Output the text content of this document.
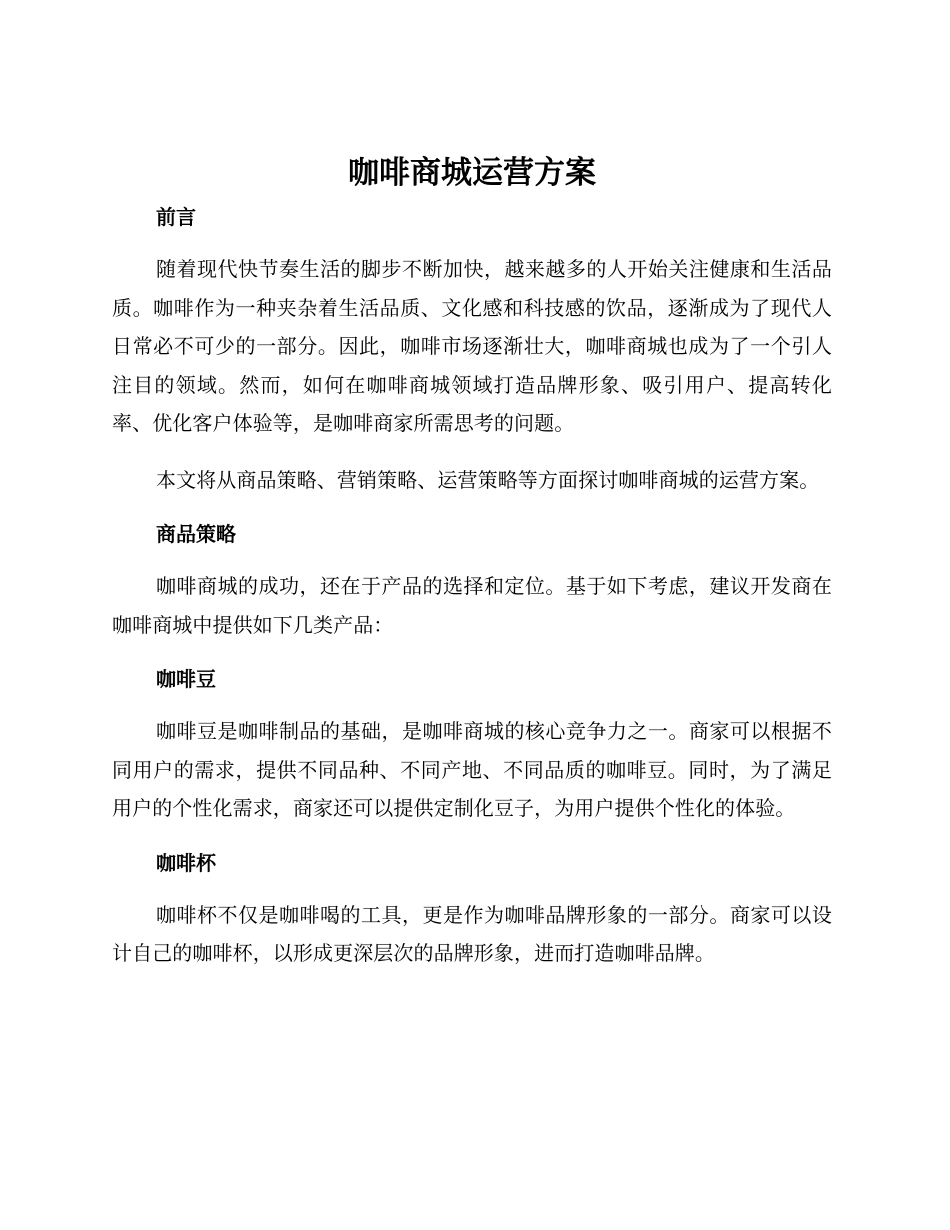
咖啡商城运营方案
前言

随着现代快节奏生活的脚步不断加快，越来越多的人开始关注健康和生活品质。咖啡作为一种夹杂着生活品质、文化感和科技感的饮品，逐渐成为了现代人日常必不可少的一部分。因此，咖啡市场逐渐壮大，咖啡商城也成为了一个引人注目的领域。然而，如何在咖啡商城领域打造品牌形象、吸引用户、提高转化率、优化客户体验等，是咖啡商家所需思考的问题。

本文将从商品策略、营销策略、运营策略等方面探讨咖啡商城的运营方案。

商品策略

咖啡商城的成功，还在于产品的选择和定位。基于如下考虑，建议开发商在咖啡商城中提供如下几类产品：

咖啡豆

咖啡豆是咖啡制品的基础，是咖啡商城的核心竞争力之一。商家可以根据不同用户的需求，提供不同品种、不同产地、不同品质的咖啡豆。同时，为了满足用户的个性化需求，商家还可以提供定制化豆子，为用户提供个性化的体验。

咖啡杯

咖啡杯不仅是咖啡喝的工具，更是作为咖啡品牌形象的一部分。商家可以设计自己的咖啡杯，以形成更深层次的品牌形象，进而打造咖啡品牌。
